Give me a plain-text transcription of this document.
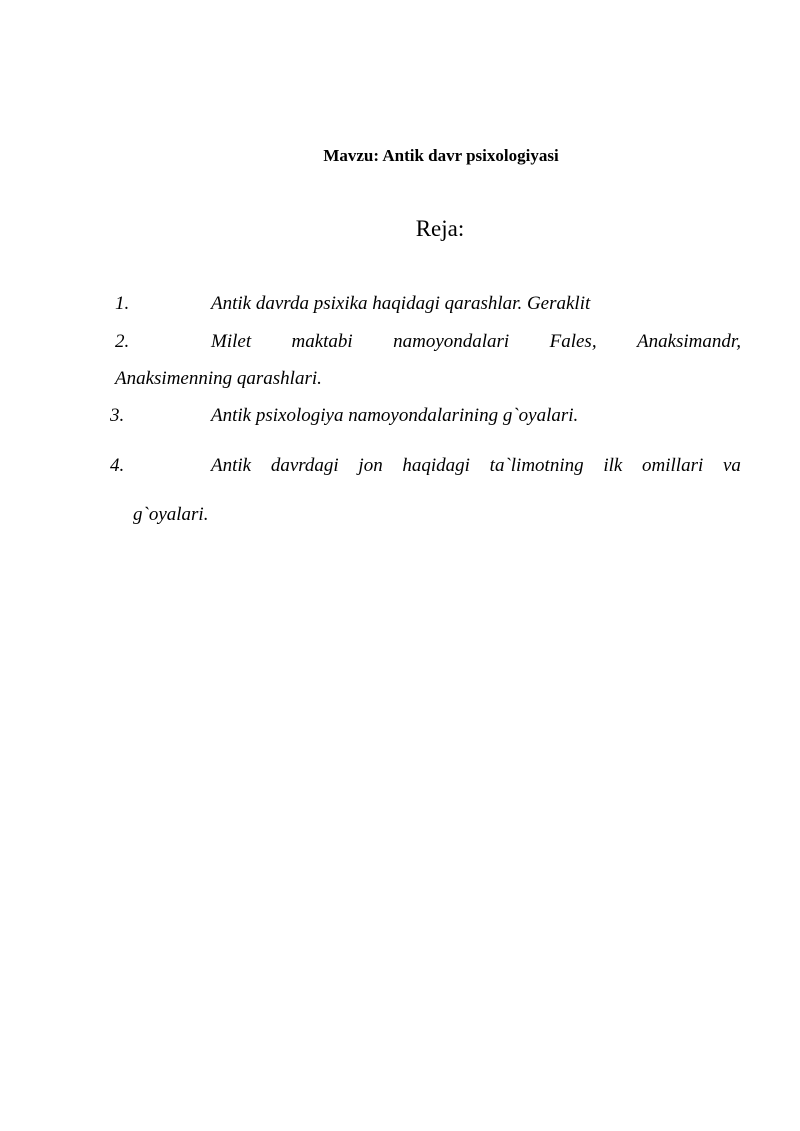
Mavzu: Antik davr psixologiyasi
Reja:
1.	Antik davrda psixika haqidagi qarashlar. Geraklit
2.	Milet maktabi namoyondalari Fales, Anaksimandr,
Anaksimenning qarashlari.
3.	Antik psixologiya namoyondalarining g`oyalari.
4.	Antik davrdagi jon haqidagi ta`limotning ilk omillari va
g`oyalari.
